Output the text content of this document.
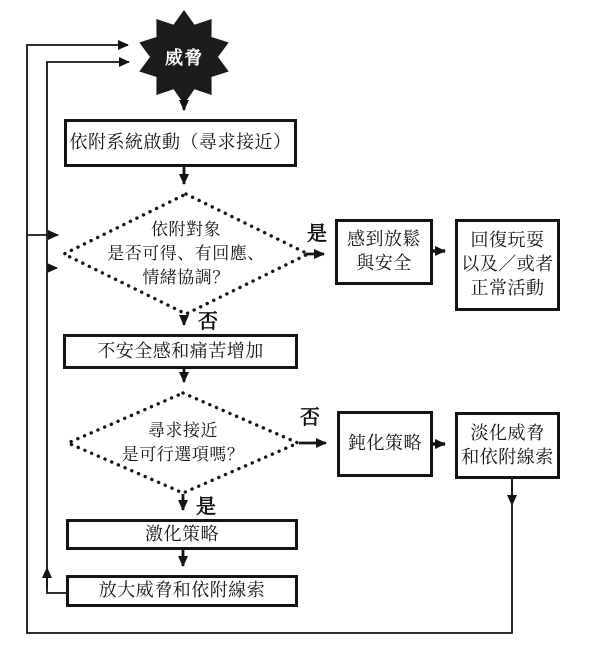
威脅
依附系統啟動（尋求接近）
感到放鬆
與安全
回復玩耍
以及／或者
正常活動
不安全感和痛苦增加
鈍化策略
淡化威脅
和依附線索
激化策略
放大威脅和依附線索
依附對象
是否可得、有回應、
情緒協調？
尋求接近
是可行選項嗎？
是
否
否
是
